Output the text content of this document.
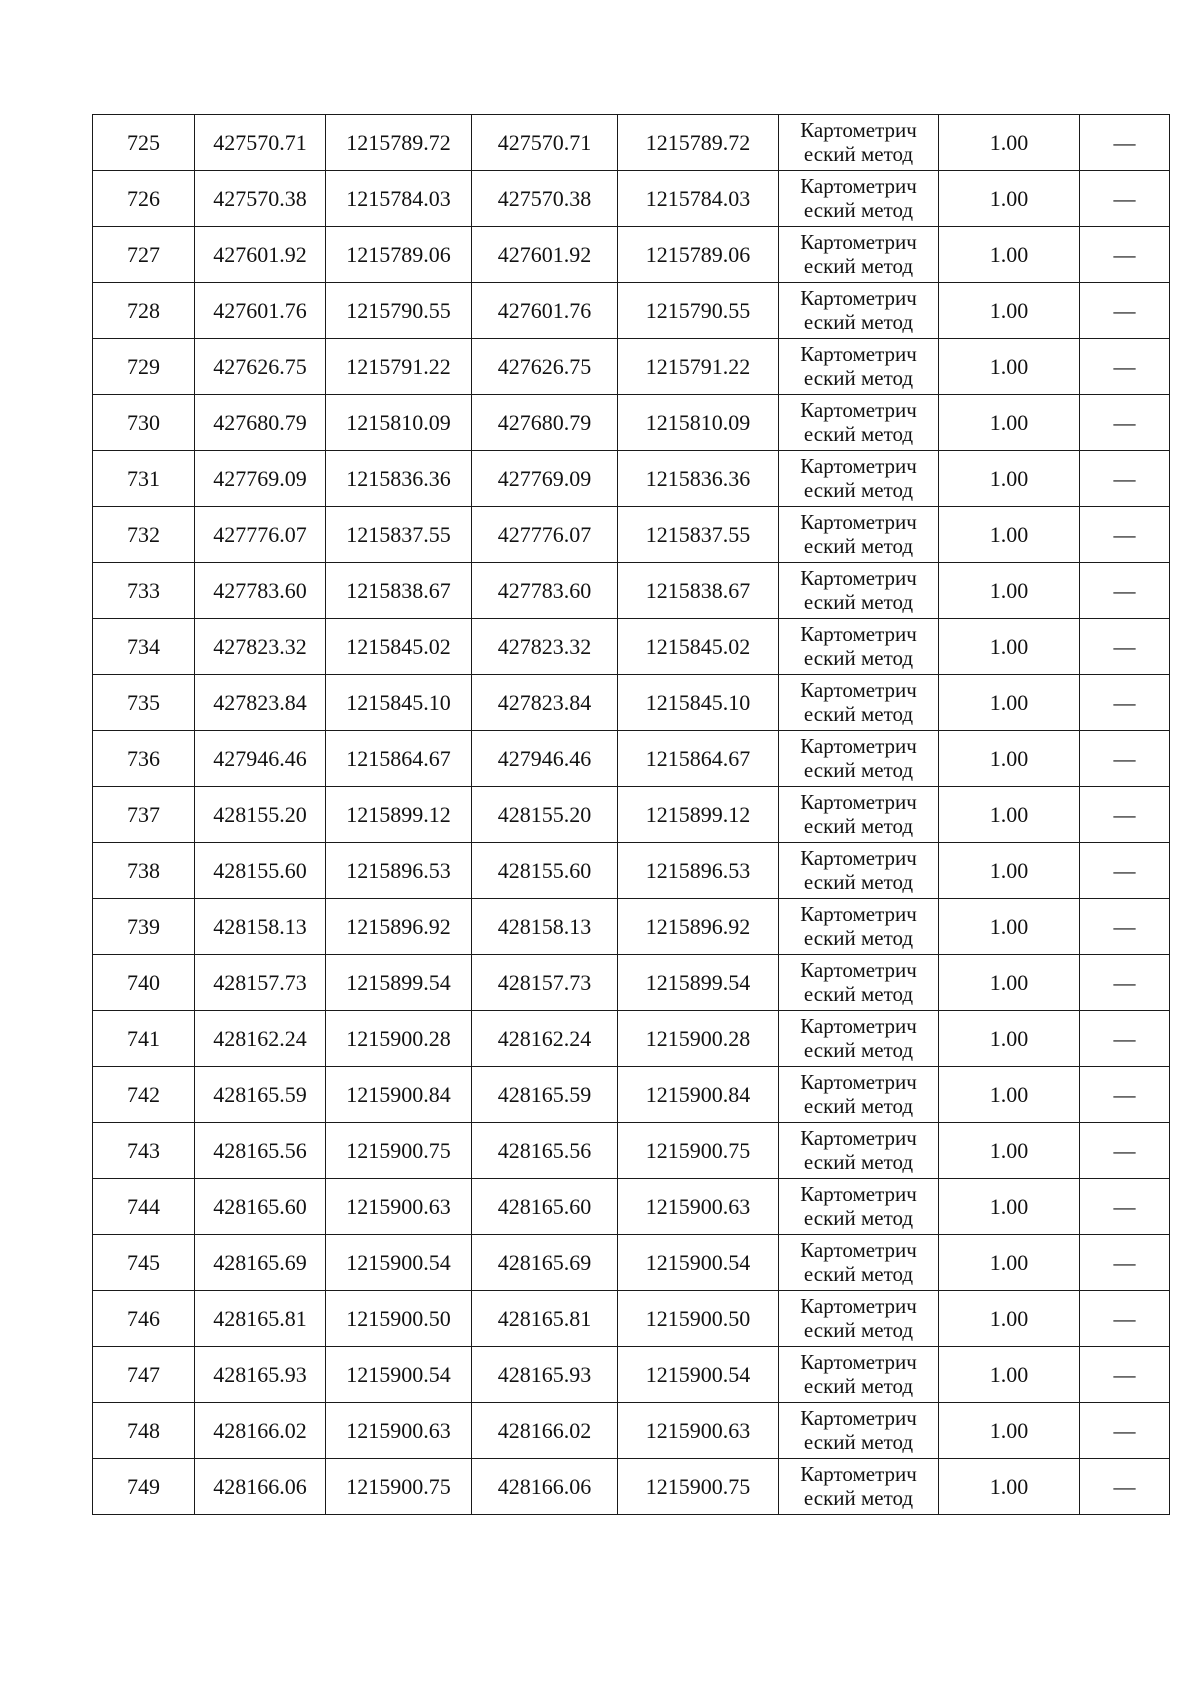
725	427570.71	1215789.72	427570.71	1215789.72	Картометрич
еский метод	1.00	—
726	427570.38	1215784.03	427570.38	1215784.03	Картометрич
еский метод	1.00	—
727	427601.92	1215789.06	427601.92	1215789.06	Картометрич
еский метод	1.00	—
728	427601.76	1215790.55	427601.76	1215790.55	Картометрич
еский метод	1.00	—
729	427626.75	1215791.22	427626.75	1215791.22	Картометрич
еский метод	1.00	—
730	427680.79	1215810.09	427680.79	1215810.09	Картометрич
еский метод	1.00	—
731	427769.09	1215836.36	427769.09	1215836.36	Картометрич
еский метод	1.00	—
732	427776.07	1215837.55	427776.07	1215837.55	Картометрич
еский метод	1.00	—
733	427783.60	1215838.67	427783.60	1215838.67	Картометрич
еский метод	1.00	—
734	427823.32	1215845.02	427823.32	1215845.02	Картометрич
еский метод	1.00	—
735	427823.84	1215845.10	427823.84	1215845.10	Картометрич
еский метод	1.00	—
736	427946.46	1215864.67	427946.46	1215864.67	Картометрич
еский метод	1.00	—
737	428155.20	1215899.12	428155.20	1215899.12	Картометрич
еский метод	1.00	—
738	428155.60	1215896.53	428155.60	1215896.53	Картометрич
еский метод	1.00	—
739	428158.13	1215896.92	428158.13	1215896.92	Картометрич
еский метод	1.00	—
740	428157.73	1215899.54	428157.73	1215899.54	Картометрич
еский метод	1.00	—
741	428162.24	1215900.28	428162.24	1215900.28	Картометрич
еский метод	1.00	—
742	428165.59	1215900.84	428165.59	1215900.84	Картометрич
еский метод	1.00	—
743	428165.56	1215900.75	428165.56	1215900.75	Картометрич
еский метод	1.00	—
744	428165.60	1215900.63	428165.60	1215900.63	Картометрич
еский метод	1.00	—
745	428165.69	1215900.54	428165.69	1215900.54	Картометрич
еский метод	1.00	—
746	428165.81	1215900.50	428165.81	1215900.50	Картометрич
еский метод	1.00	—
747	428165.93	1215900.54	428165.93	1215900.54	Картометрич
еский метод	1.00	—
748	428166.02	1215900.63	428166.02	1215900.63	Картометрич
еский метод	1.00	—
749	428166.06	1215900.75	428166.06	1215900.75	Картометрич
еский метод	1.00	—
